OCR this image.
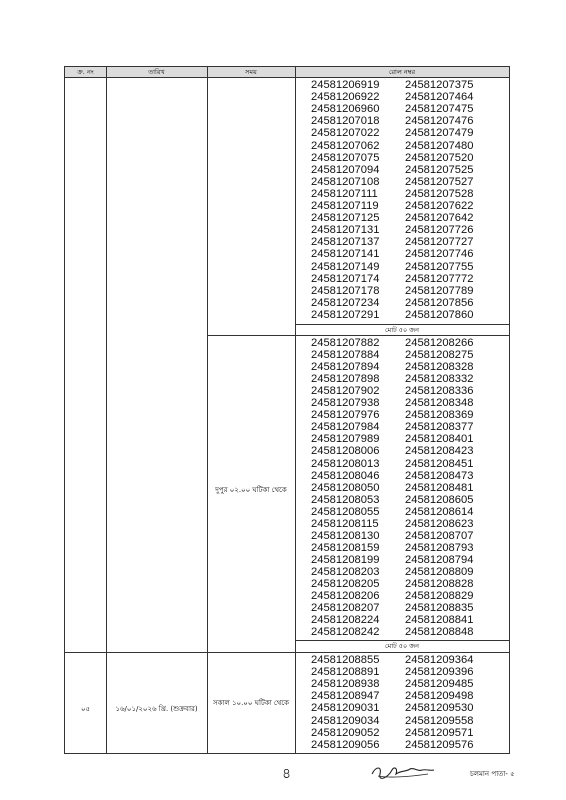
ক্র. নং	তারিখ	সময়	রোল নম্বর
24581206919 24581207375
24581206922 24581207464
24581206960 24581207475
24581207018 24581207476
24581207022 24581207479
24581207062 24581207480
24581207075 24581207520
24581207094 24581207525
24581207108 24581207527
24581207111 24581207528
24581207119 24581207622
24581207125 24581207642
24581207131 24581207726
24581207137 24581207727
24581207141 24581207746
24581207149 24581207755
24581207174 24581207772
24581207178 24581207789
24581207234 24581207856
24581207291 24581207860
মোট ৫০ জন
দুপুর ০২.০০ ঘটিকা থেকে
24581207882 24581208266
24581207884 24581208275
24581207894 24581208328
24581207898 24581208332
24581207902 24581208336
24581207938 24581208348
24581207976 24581208369
24581207984 24581208377
24581207989 24581208401
24581208006 24581208423
24581208013 24581208451
24581208046 24581208473
24581208050 24581208481
24581208053 24581208605
24581208055 24581208614
24581208115 24581208623
24581208130 24581208707
24581208159 24581208793
24581208199 24581208794
24581208203 24581208809
24581208205 24581208828
24581208206 24581208829
24581208207 24581208835
24581208224 24581208841
24581208242 24581208848
মোট ৫০ জন
০৫	১৬/০১/২০২৬ খ্রি. (শুক্রবার)
সকাল ১০.০০ ঘটিকা থেকে
24581208855 24581209364
24581208891 24581209396
24581208938 24581209485
24581208947 24581209498
24581209031 24581209530
24581209034 24581209558
24581209052 24581209571
24581209056 24581209576
৪	চলমান পাতা- ৫
